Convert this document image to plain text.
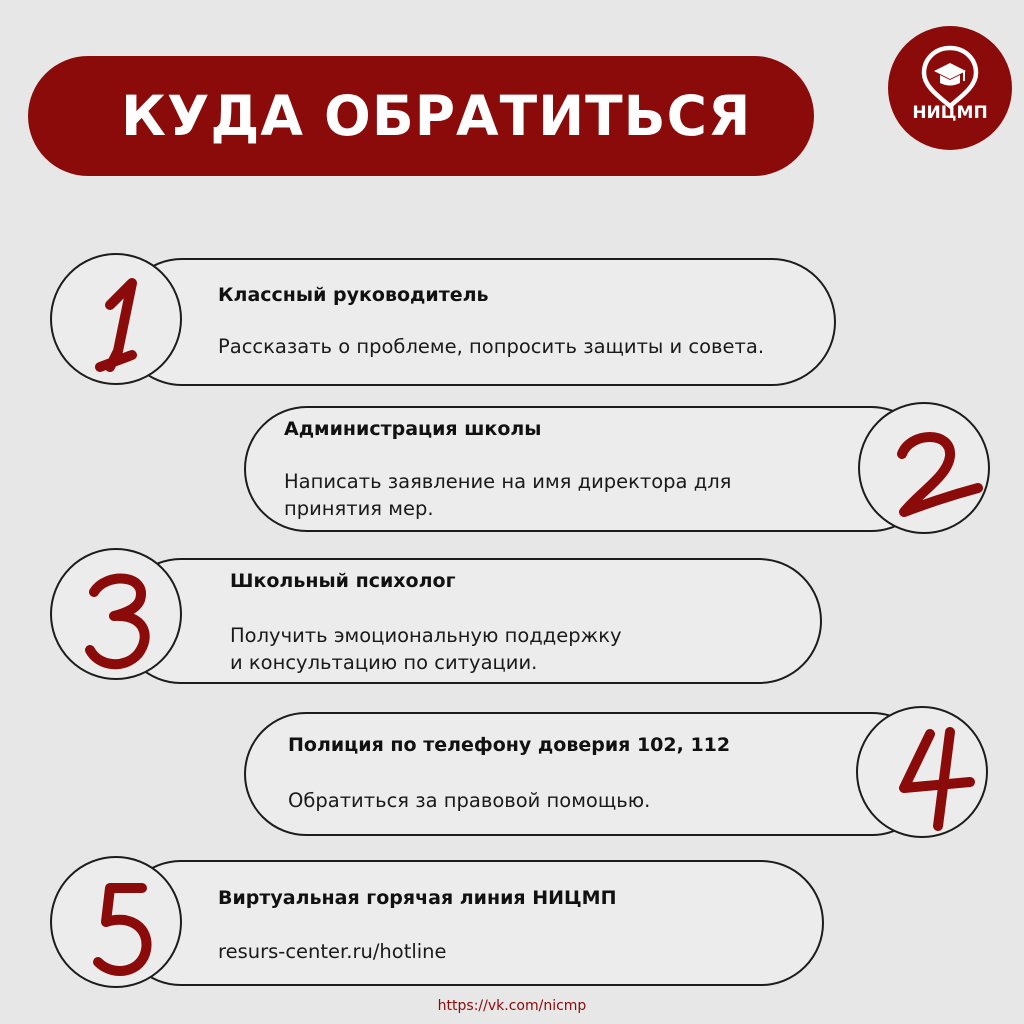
КУДА ОБРАТИТЬСЯ	НИЦМП
Классный руководитель
Рассказать о проблеме, попросить защиты и совета.
Администрация школы
Написать заявление на имя директора для
принятия мер.
Школьный психолог
Получить эмоциональную поддержку
и консультацию по ситуации.
Полиция по телефону доверия 102, 112
Обратиться за правовой помощью.
Виртуальная горячая линия НИЦМП
resurs-center.ru/hotline
https://vk.com/nicmp
